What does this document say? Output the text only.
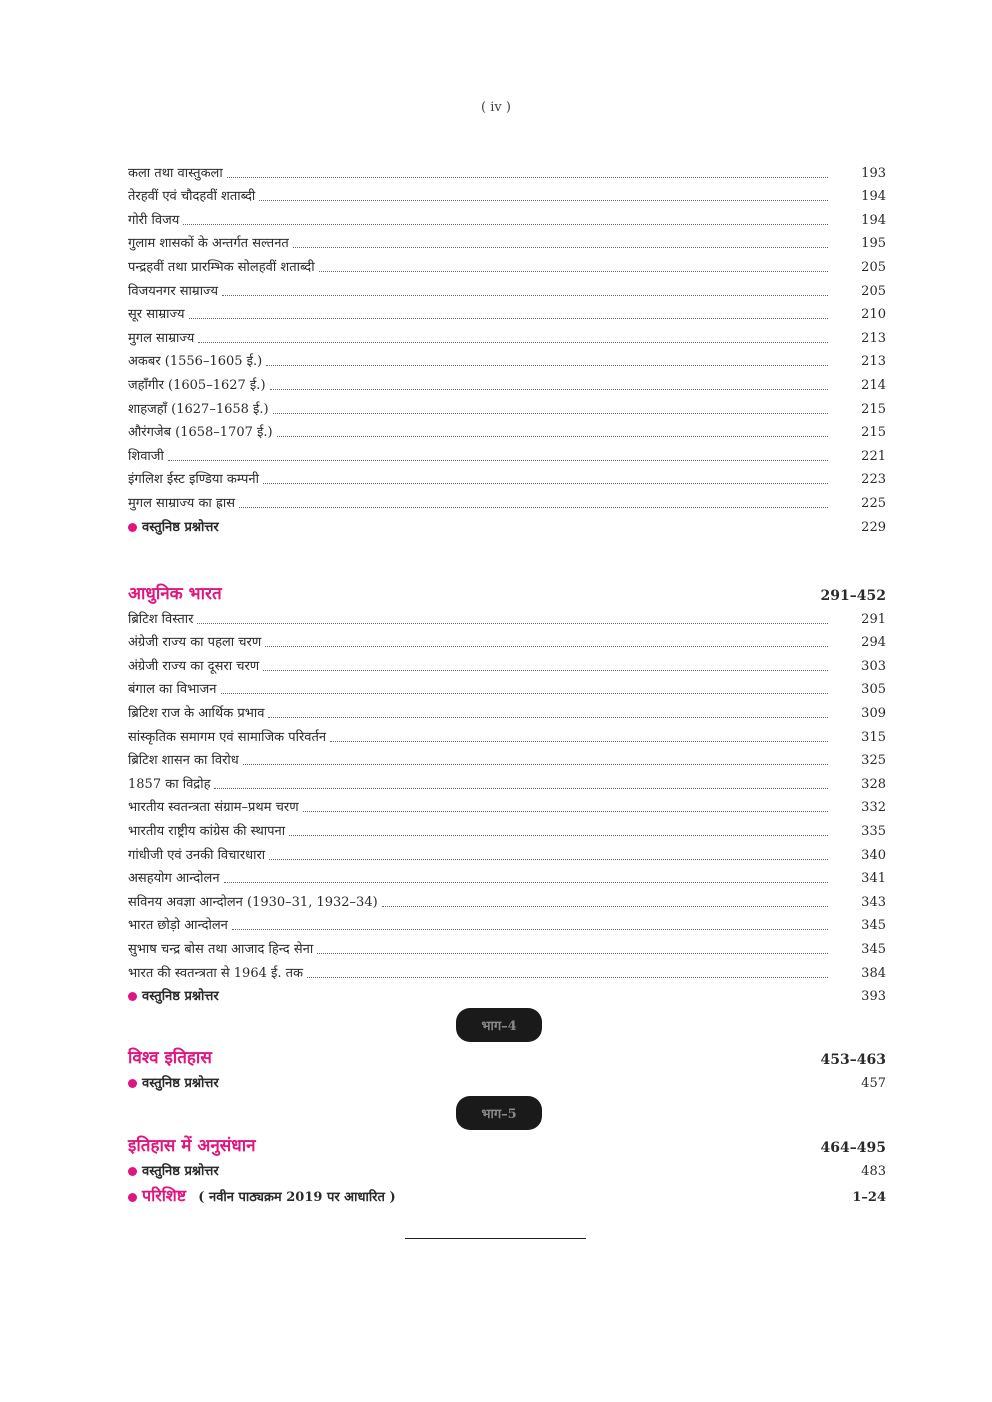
( iv )
कला तथा वास्तुकला	193
तेरहवीं एवं चौदहवीं शताब्दी	194
गोरी विजय	194
गुलाम शासकों के अन्तर्गत सल्तनत	195
पन्द्रहवीं तथा प्रारम्भिक सोलहवीं शताब्दी	205
विजयनगर साम्राज्य	205
सूर साम्राज्य	210
मुगल साम्राज्य	213
अकबर (1556–1605 ई.)	213
जहाँगीर (1605–1627 ई.)	214
शाहजहाँ (1627–1658 ई.)	215
औरंगजेब (1658–1707 ई.)	215
शिवाजी	221
इंगलिश ईस्ट इण्डिया कम्पनी	223
मुगल साम्राज्य का ह्रास	225
वस्तुनिष्ठ प्रश्नोत्तर	229
आधुनिक भारत	291–452
ब्रिटिश विस्तार	291
अंग्रेजी राज्य का पहला चरण	294
अंग्रेजी राज्य का दूसरा चरण	303
बंगाल का विभाजन	305
ब्रिटिश राज के आर्थिक प्रभाव	309
सांस्कृतिक समागम एवं सामाजिक परिवर्तन	315
ब्रिटिश शासन का विरोध	325
1857 का विद्रोह	328
भारतीय स्वतन्त्रता संग्राम–प्रथम चरण	332
भारतीय राष्ट्रीय कांग्रेस की स्थापना	335
गांधीजी एवं उनकी विचारधारा	340
असहयोग आन्दोलन	341
सविनय अवज्ञा आन्दोलन (1930–31, 1932–34)	343
भारत छोड़ो आन्दोलन	345
सुभाष चन्द्र बोस तथा आजाद हिन्द सेना	345
भारत की स्वतन्त्रता से 1964 ई. तक	384
वस्तुनिष्ठ प्रश्नोत्तर	393
भाग–4
विश्व इतिहास	453–463
वस्तुनिष्ठ प्रश्नोत्तर	457
भाग–5
इतिहास में अनुसंधान	464–495
वस्तुनिष्ठ प्रश्नोत्तर	483
परिशिष्ट ( नवीन पाठ्यक्रम 2019 पर आधारित )	1–24
